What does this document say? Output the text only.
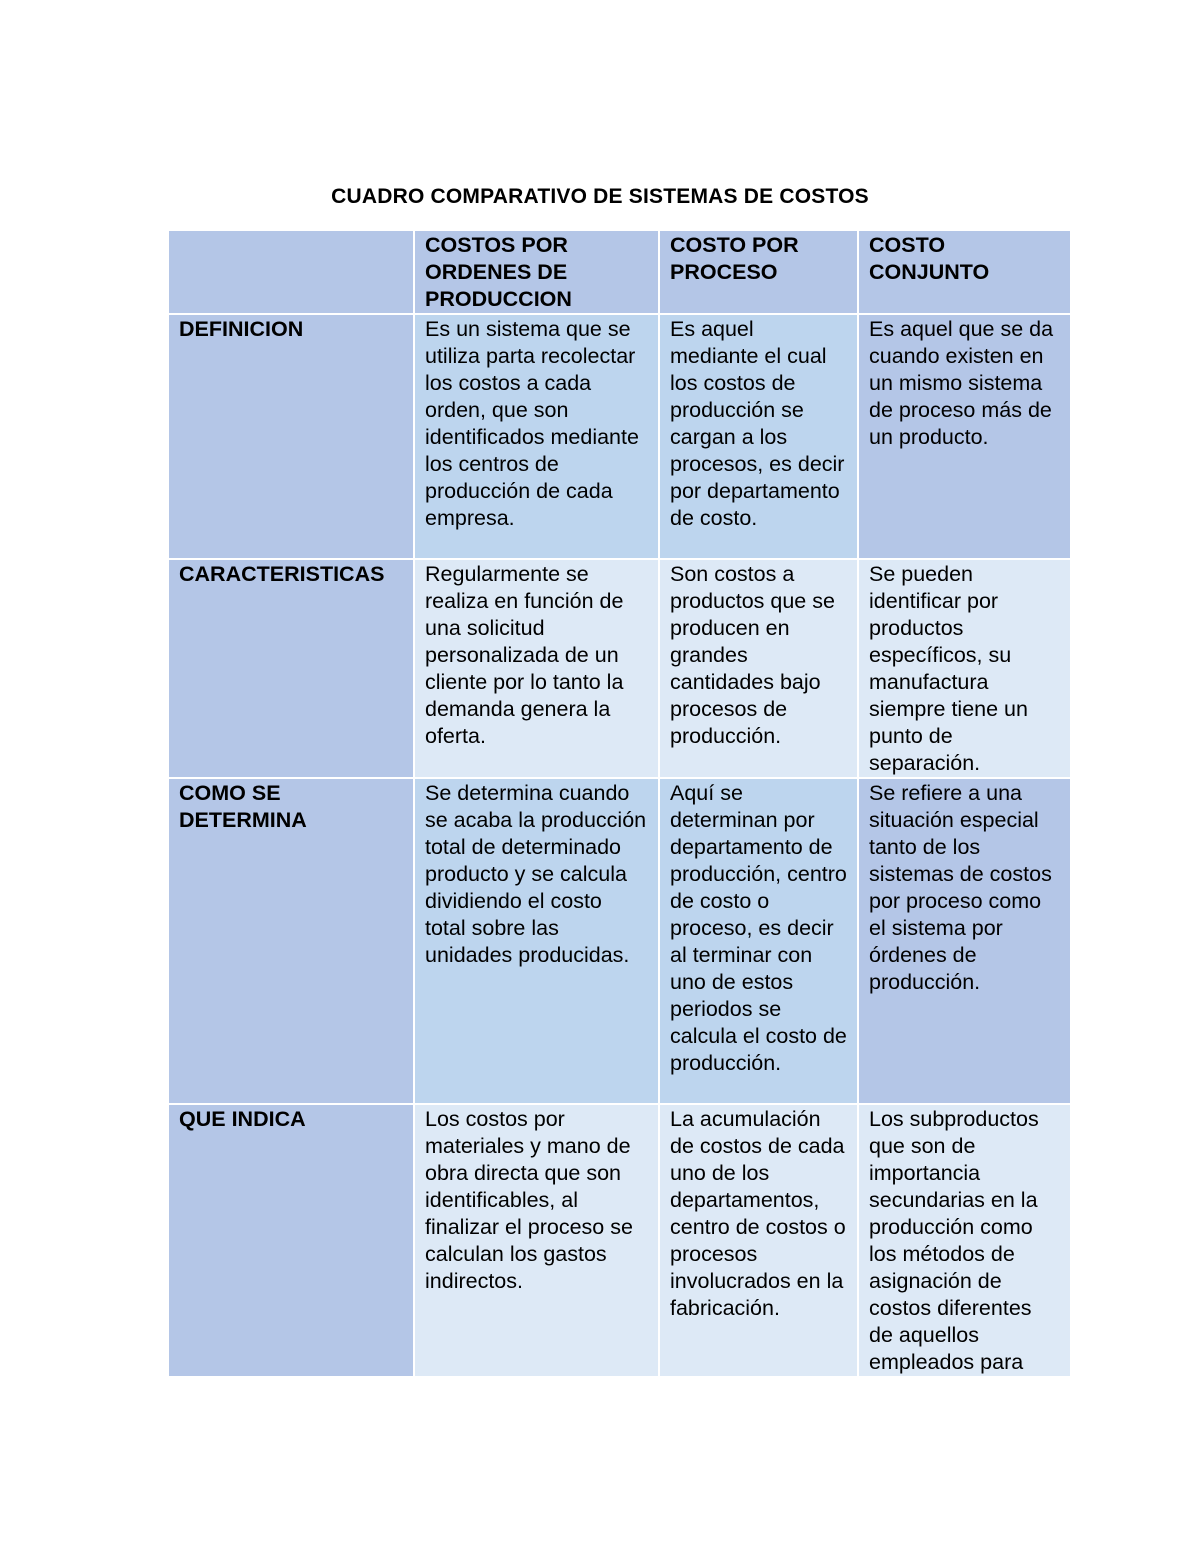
CUADRO COMPARATIVO DE SISTEMAS DE COSTOS
	COSTOS POR ORDENES DE PRODUCCION	COSTO POR PROCESO	COSTO CONJUNTO
DEFINICION	Es un sistema que se utiliza parta recolectar los costos a cada orden, que son identificados mediante los centros de producción de cada empresa.	Es aquel mediante el cual los costos de producción se cargan a los procesos, es decir por departamento de costo.	Es aquel que se da cuando existen en un mismo sistema de proceso más de un producto.
CARACTERISTICAS	Regularmente se realiza en función de una solicitud personalizada de un cliente por lo tanto la demanda genera la oferta.	Son costos a productos que se producen en grandes cantidades bajo procesos de producción.	Se pueden identificar por productos específicos, su manufactura siempre tiene un punto de separación.
COMO SE DETERMINA	Se determina cuando se acaba la producción total de determinado producto y se calcula dividiendo el costo total sobre las unidades producidas.	Aquí se determinan por departamento de producción, centro de costo o proceso, es decir al terminar con uno de estos periodos se calcula el costo de producción.	Se refiere a una situación especial tanto de los sistemas de costos por proceso como el sistema por órdenes de producción.
QUE INDICA	Los costos por materiales y mano de obra directa que son identificables, al finalizar el proceso se calculan los gastos indirectos.	La acumulación de costos de cada uno de los departamentos, centro de costos o procesos involucrados en la fabricación.	Los subproductos que son de importancia secundarias en la producción como los métodos de asignación de costos diferentes de aquellos empleados para
